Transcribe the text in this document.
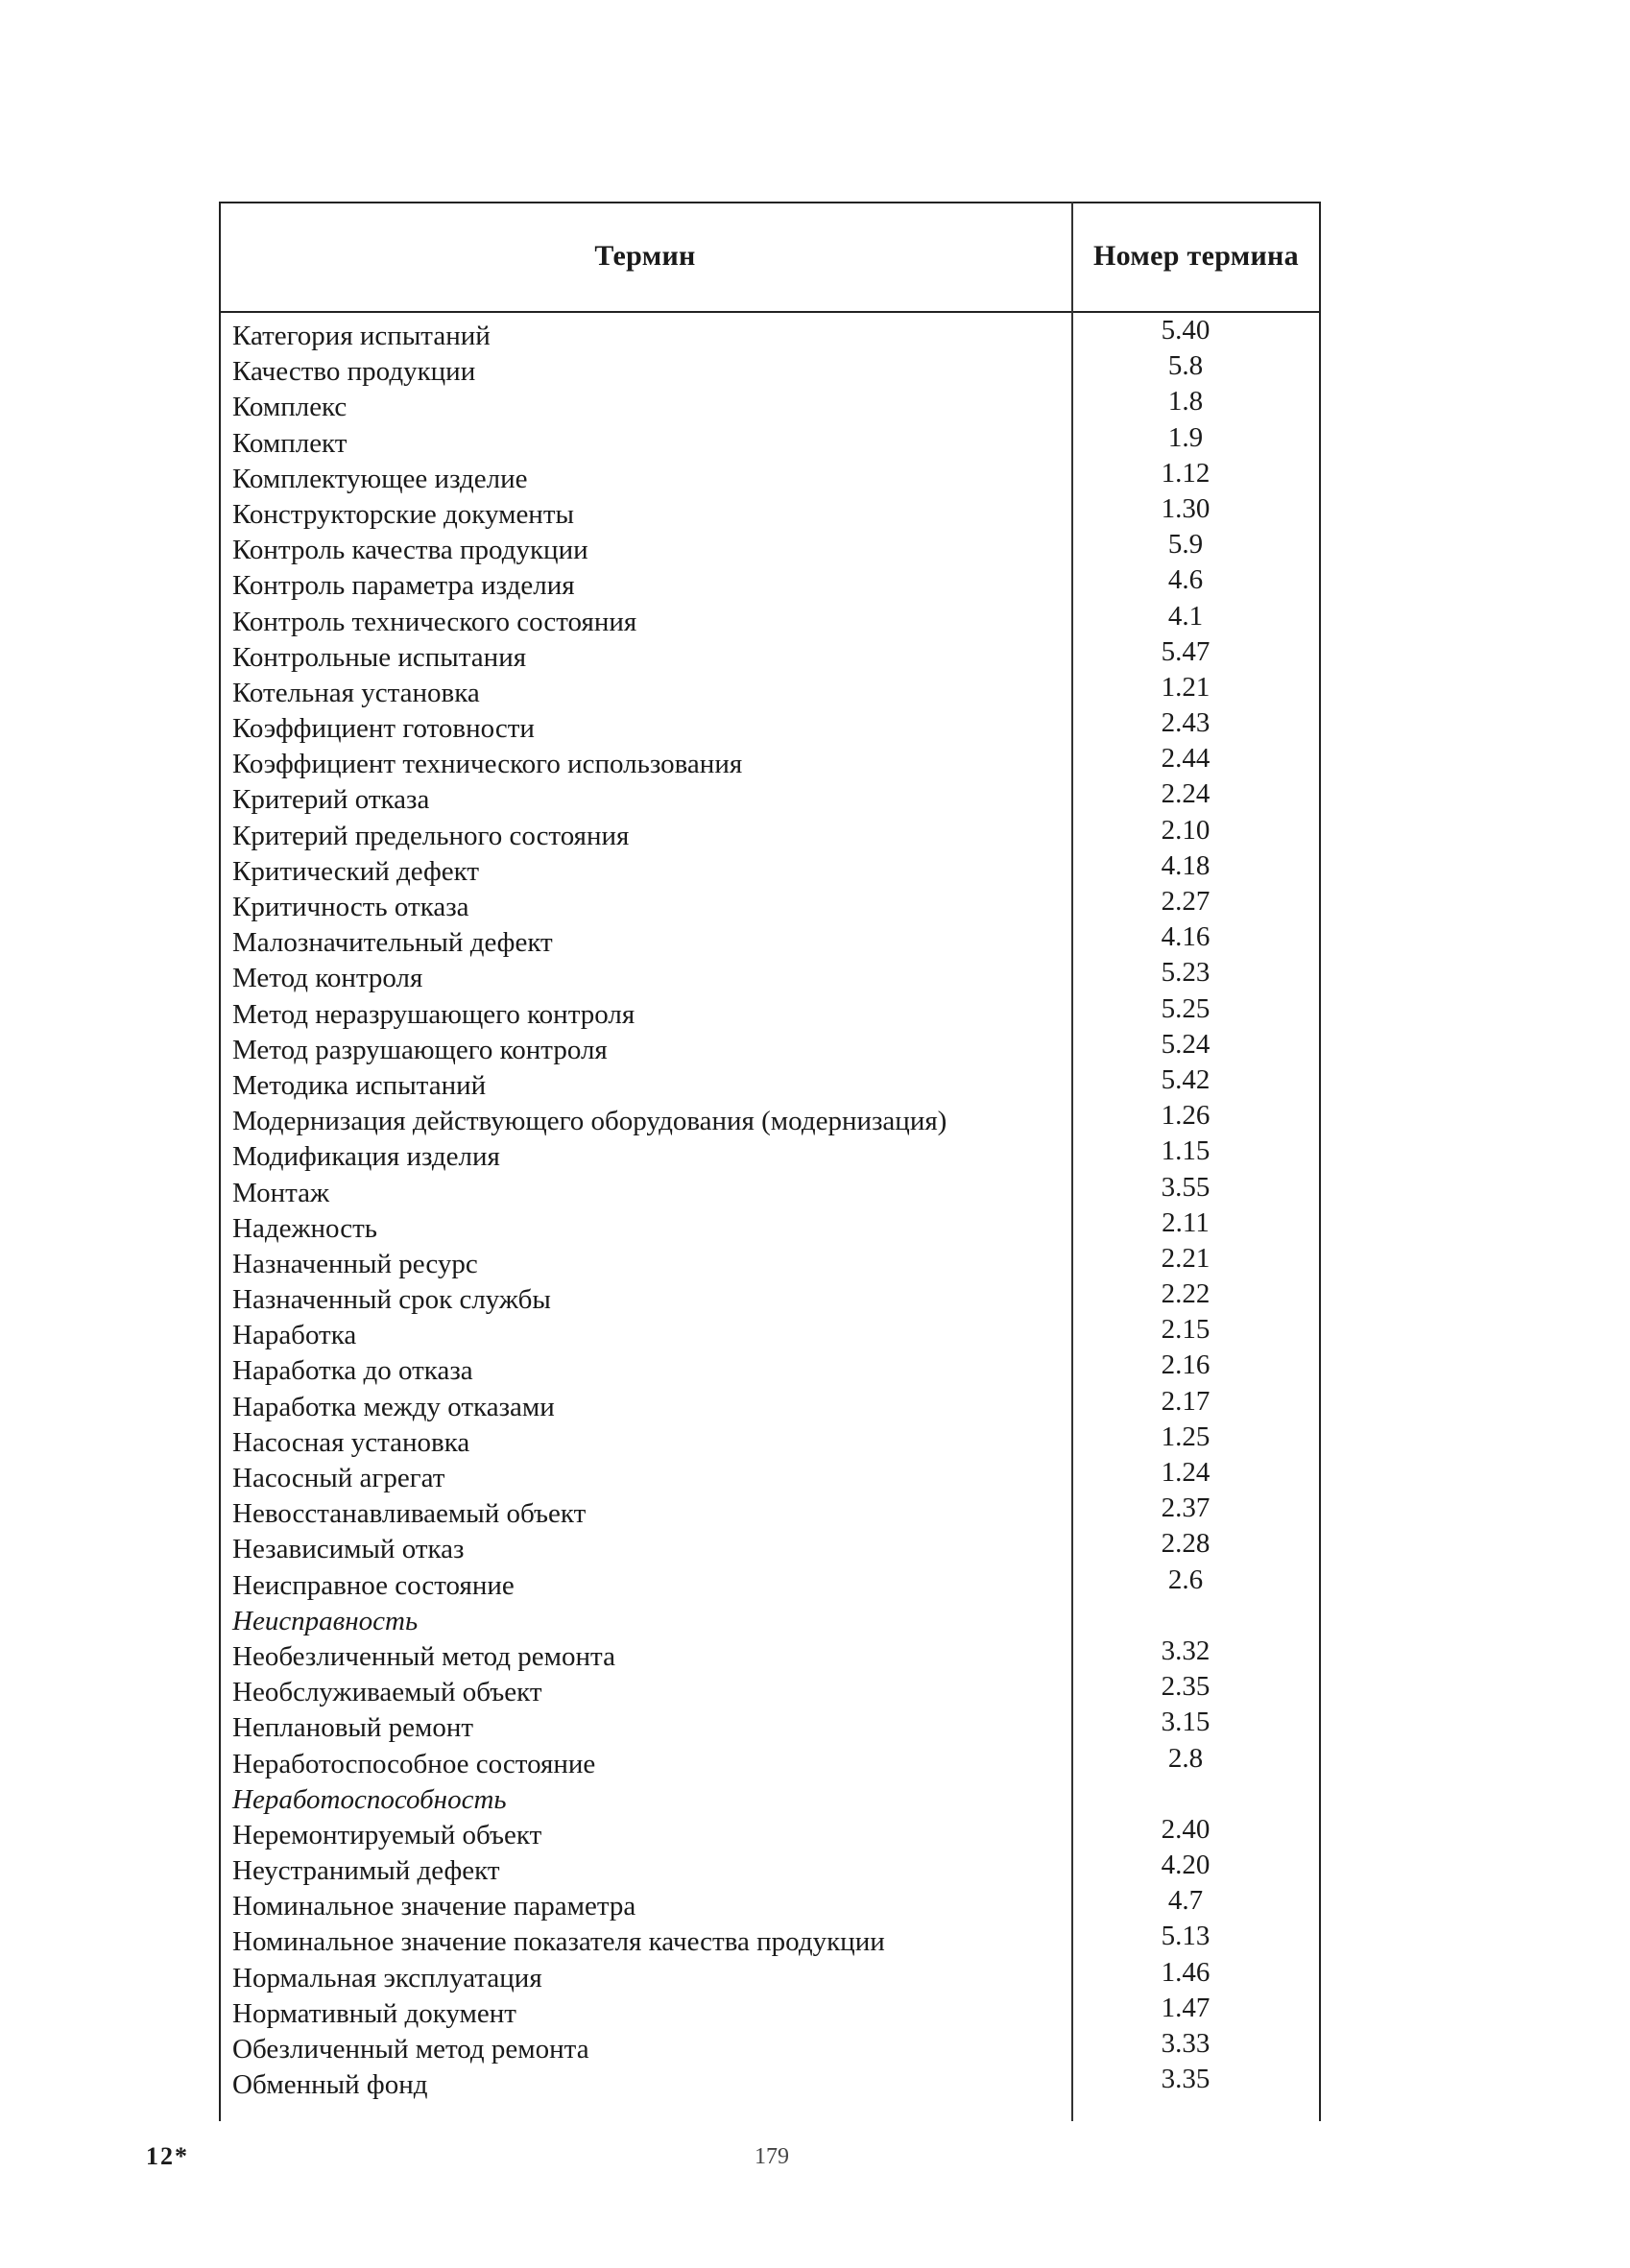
Термин	Номер термина
Категория испытаний	5.40
Качество продукции	5.8
Комплекс	1.8
Комплект	1.9
Комплектующее изделие	1.12
Конструкторские документы	1.30
Контроль качества продукции	5.9
Контроль параметра изделия	4.6
Контроль технического состояния	4.1
Контрольные испытания	5.47
Котельная установка	1.21
Коэффициент готовности	2.43
Коэффициент технического использования	2.44
Критерий отказа	2.24
Критерий предельного состояния	2.10
Критический дефект	4.18
Критичность отказа	2.27
Малозначительный дефект	4.16
Метод контроля	5.23
Метод неразрушающего контроля	5.25
Метод разрушающего контроля	5.24
Методика испытаний	5.42
Модернизация действующего оборудования (модернизация)	1.26
Модификация изделия	1.15
Монтаж	3.55
Надежность	2.11
Назначенный ресурс	2.21
Назначенный срок службы	2.22
Наработка	2.15
Наработка до отказа	2.16
Наработка между отказами	2.17
Насосная установка	1.25
Насосный агрегат	1.24
Невосстанавливаемый объект	2.37
Независимый отказ	2.28
Неисправное состояние	2.6
Неисправность
Необезличенный метод ремонта	3.32
Необслуживаемый объект	2.35
Неплановый ремонт	3.15
Неработоспособное состояние	2.8
Неработоспособность
Неремонтируемый объект	2.40
Неустранимый дефект	4.20
Номинальное значение параметра	4.7
Номинальное значение показателя качества продукции	5.13
Нормальная эксплуатация	1.46
Нормативный документ	1.47
Обезличенный метод ремонта	3.33
Обменный фонд	3.35
12*	179
